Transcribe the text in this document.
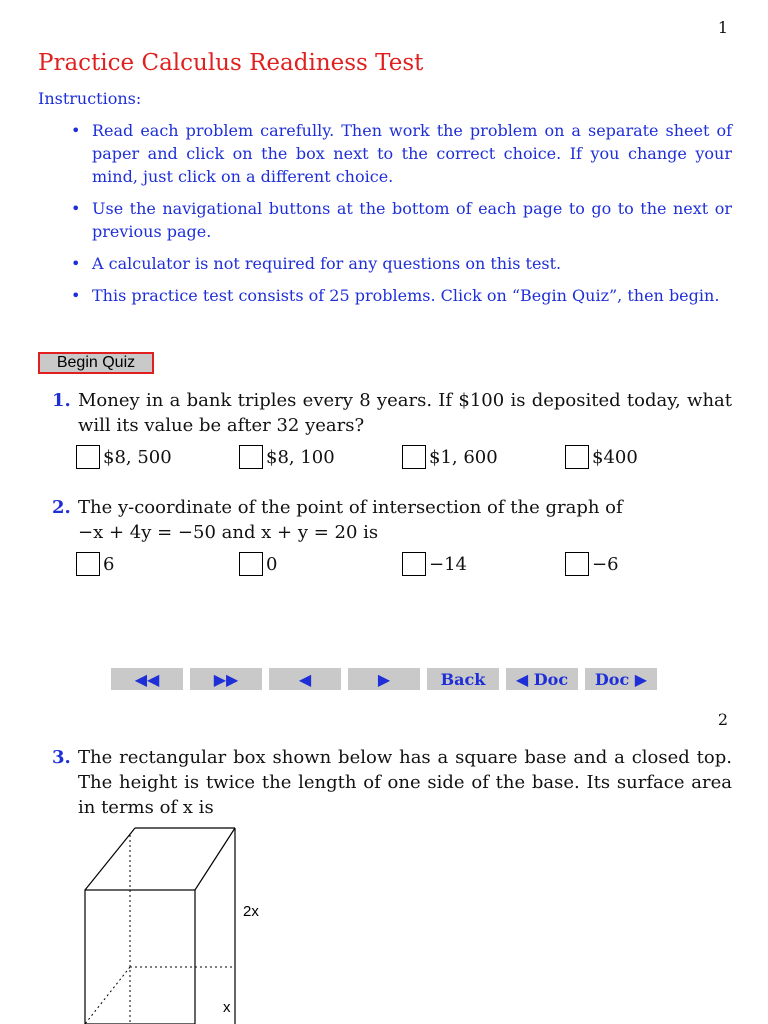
1
Practice Calculus Readiness Test
Instructions:
• Read each problem carefully. Then work the problem on a separate sheet of paper and click on the box next to the correct choice. If you change your mind, just click on a different choice.
• Use the navigational buttons at the bottom of each page to go to the next or previous page.
• A calculator is not required for any questions on this test.
• This practice test consists of 25 problems. Click on “Begin Quiz”, then begin.
Begin Quiz
1. Money in a bank triples every 8 years. If $100 is deposited today, what will its value be after 32 years?
$8, 500	$8, 100	$1, 600	$400
2. The y-coordinate of the point of intersection of the graph of
−x + 4y = −50 and x + y = 20 is
6	0	−14	−6
◀◀	▶▶	◀	▶	Back	◀ Doc	Doc ▶
2
3. The rectangular box shown below has a square base and a closed top. The height is twice the length of one side of the base. Its surface area in terms of x is
2x
x
